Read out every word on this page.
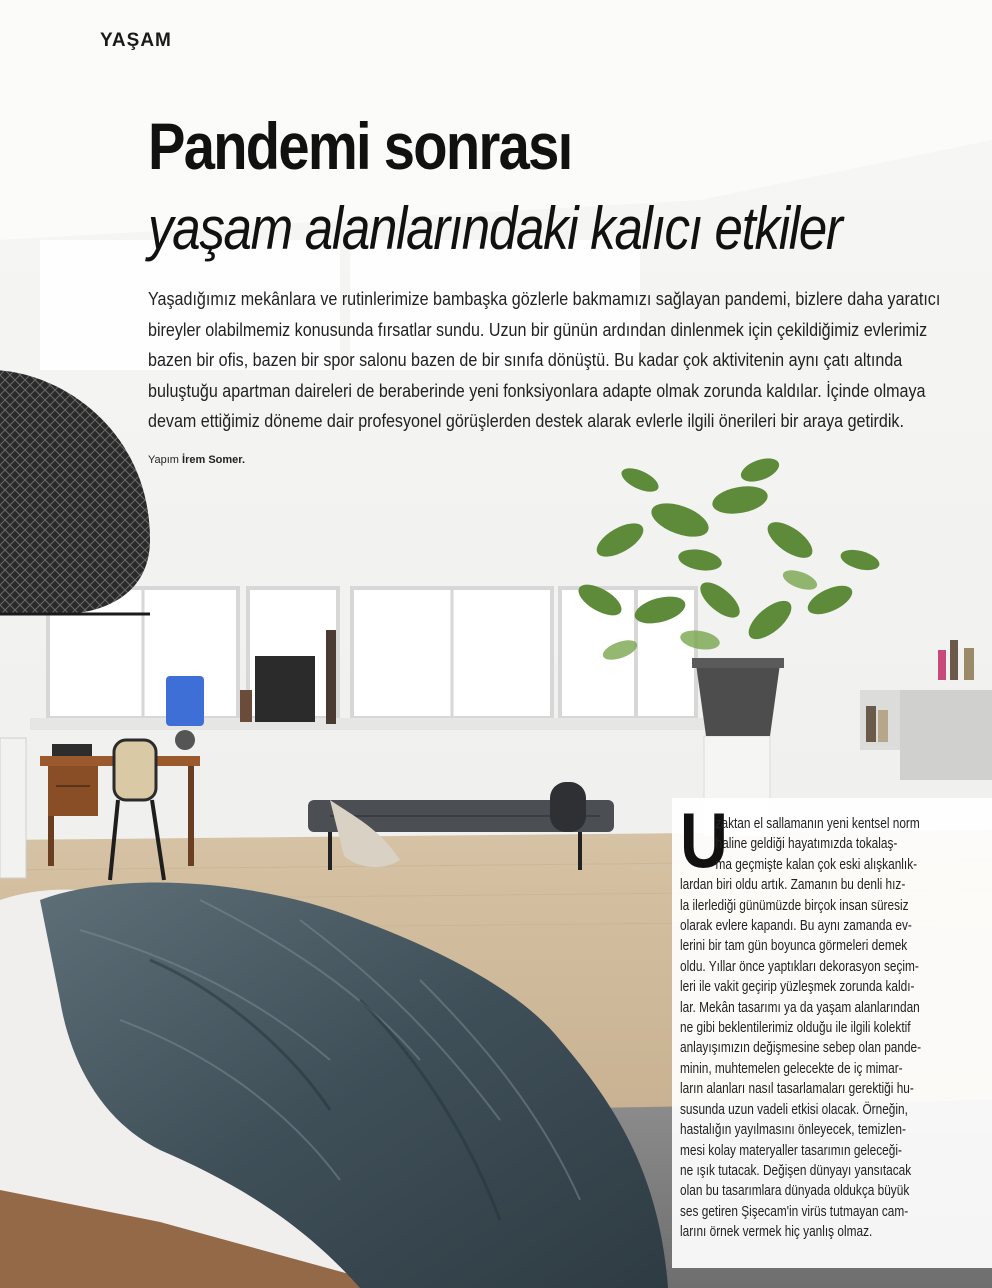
YAŞAM
Pandemi sonrası
yaşam alanlarındaki kalıcı etkiler

Yaşadığımız mekânlara ve rutinlerimize bambaşka gözlerle bakmamızı sağlayan pandemi, bizlere daha yaratıcı

bireyler olabilmemiz konusunda fırsatlar sundu. Uzun bir günün ardından dinlenmek için çekildiğimiz evlerimiz

bazen bir ofis, bazen bir spor salonu bazen de bir sınıfa dönüştü. Bu kadar çok aktivitenin aynı çatı altında

buluştuğu apartman daireleri de beraberinde yeni fonksiyonlara adapte olmak zorunda kaldılar. İçinde olmaya

devam ettiğimiz döneme dair profesyonel görüşlerden destek alarak evlerle ilgili önerileri bir araya getirdik.

Yapım İrem Somer.
U

zaktan el sallamanın yeni kentsel norm

haline geldiği hayatımızda tokalaş-

ma geçmişte kalan çok eski alışkanlık-

lardan biri oldu artık. Zamanın bu denli hız-

la ilerlediği günümüzde birçok insan süresiz

olarak evlere kapandı. Bu aynı zamanda ev-

lerini bir tam gün boyunca görmeleri demek

oldu. Yıllar önce yaptıkları dekorasyon seçim-

leri ile vakit geçirip yüzleşmek zorunda kaldı-

lar. Mekân tasarımı ya da yaşam alanlarından

ne gibi beklentilerimiz olduğu ile ilgili kolektif

anlayışımızın değişmesine sebep olan pande-

minin, muhtemelen gelecekte de iç mimar-

ların alanları nasıl tasarlamaları gerektiği hu-

susunda uzun vadeli etkisi olacak. Örneğin,

hastalığın yayılmasını önleyecek, temizlen-

mesi kolay materyaller tasarımın geleceği-

ne ışık tutacak. Değişen dünyayı yansıtacak

olan bu tasarımlara dünyada oldukça büyük

ses getiren Şişecam'in virüs tutmayan cam-

larını örnek vermek hiç yanlış olmaz.
